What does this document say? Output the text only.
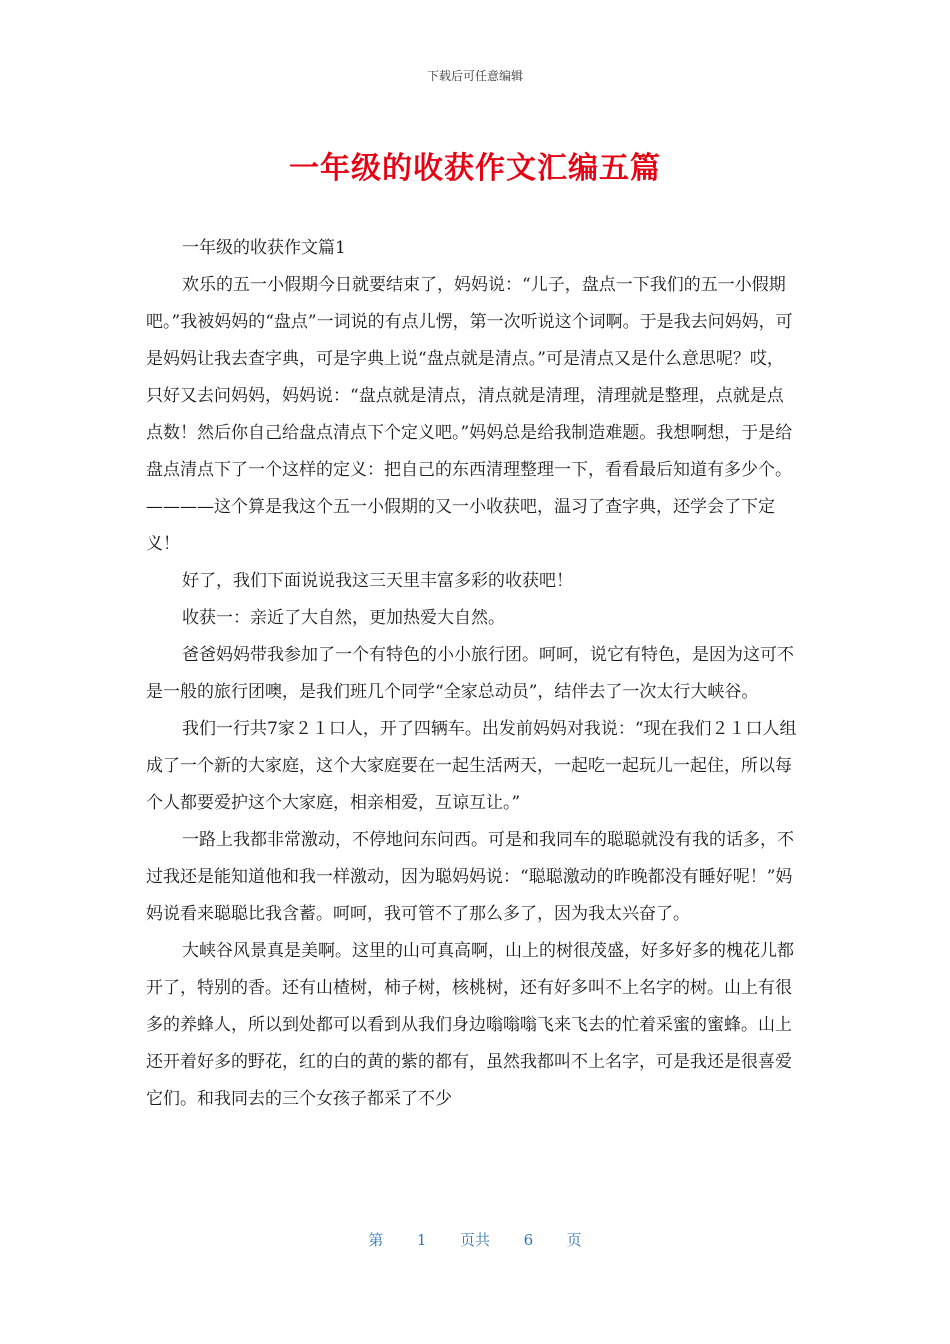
下载后可任意编辑
一年级的收获作文汇编五篇

一年级的收获作文篇1

欢乐的五一小假期今日就要结束了，妈妈说：“儿子，盘点一下我们的五一小假期吧。”我被妈妈的“盘点”一词说的有点儿愣，第一次听说这个词啊。于是我去问妈妈，可是妈妈让我去查字典，可是字典上说“盘点就是清点。”可是清点又是什么意思呢？哎，只好又去问妈妈，妈妈说：“盘点就是清点，清点就是清理，清理就是整理，点就是点点数！然后你自己给盘点清点下个定义吧。”妈妈总是给我制造难题。我想啊想，于是给盘点清点下了一个这样的定义：把自己的东西清理整理一下，看看最后知道有多少个。————这个算是我这个五一小假期的又一小收获吧，温习了查字典，还学会了下定义！

好了，我们下面说说我这三天里丰富多彩的收获吧！

收获一：亲近了大自然，更加热爱大自然。

爸爸妈妈带我参加了一个有特色的小小旅行团。呵呵，说它有特色，是因为这可不是一般的旅行团噢，是我们班几个同学“全家总动员”，结伴去了一次太行大峡谷。

我们一行共7家２１口人，开了四辆车。出发前妈妈对我说：“现在我们２１口人组成了一个新的大家庭，这个大家庭要在一起生活两天，一起吃一起玩儿一起住，所以每个人都要爱护这个大家庭，相亲相爱，互谅互让。”

一路上我都非常激动，不停地问东问西。可是和我同车的聪聪就没有我的话多，不过我还是能知道他和我一样激动，因为聪妈妈说：“聪聪激动的昨晚都没有睡好呢！”妈妈说看来聪聪比我含蓄。呵呵，我可管不了那么多了，因为我太兴奋了。

大峡谷风景真是美啊。这里的山可真高啊，山上的树很茂盛，好多好多的槐花儿都开了，特别的香。还有山楂树，柿子树，核桃树，还有好多叫不上名字的树。山上有很多的养蜂人，所以到处都可以看到从我们身边嗡嗡嗡飞来飞去的忙着采蜜的蜜蜂。山上还开着好多的野花，红的白的黄的紫的都有，虽然我都叫不上名字，可是我还是很喜爱它们。和我同去的三个女孩子都采了不少

第 1 页共 6 页
